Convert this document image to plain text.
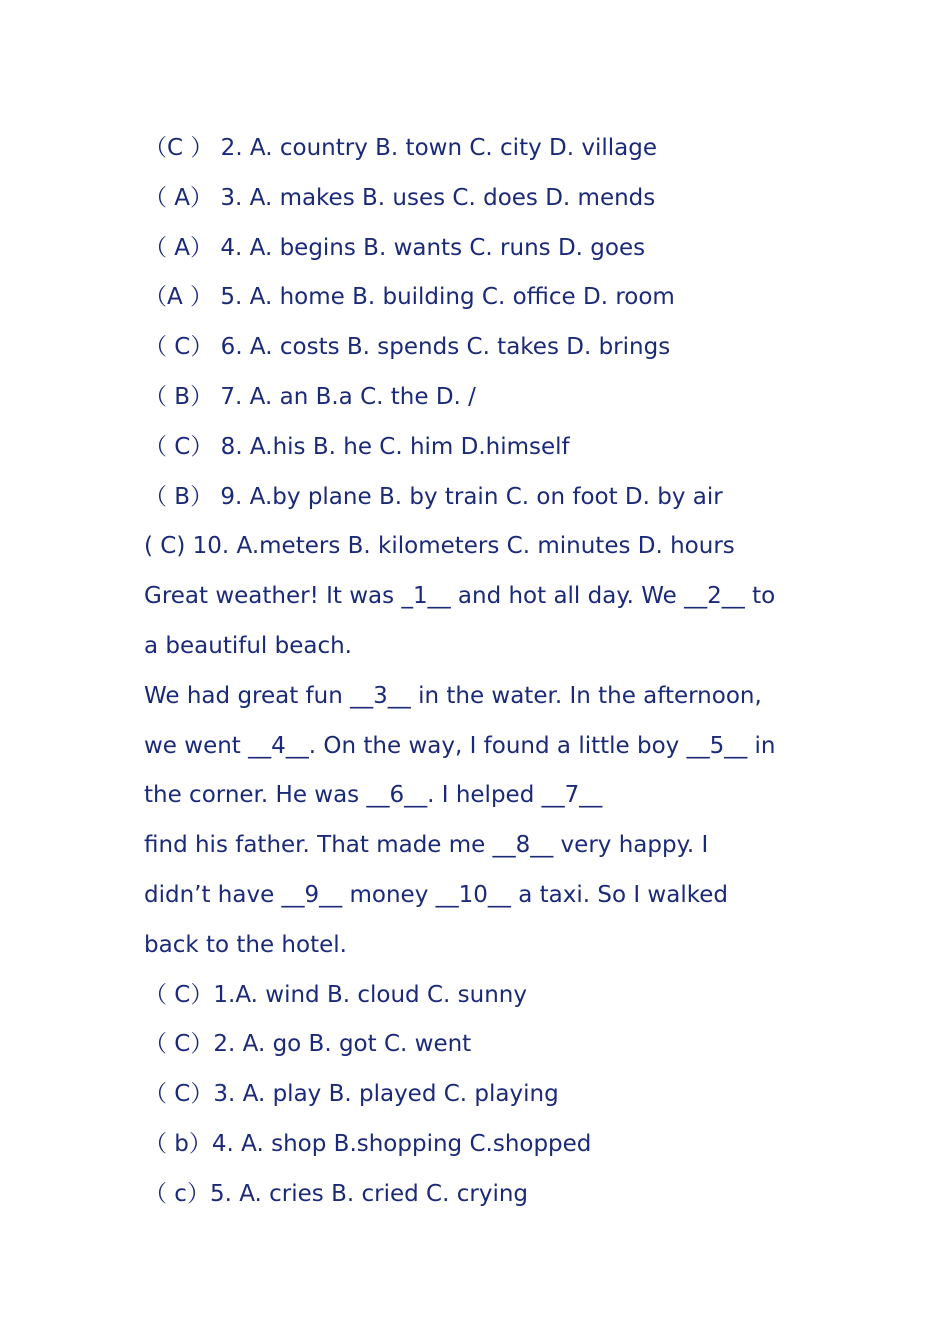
（C ） 2. A. country B. town C. city D. village

（ A） 3. A. makes B. uses C. does D. mends

（ A） 4. A. begins B. wants C. runs D. goes

（A ） 5. A. home B. building C. office D. room

（ C） 6. A. costs B. spends C. takes D. brings

（ B） 7. A. an B.a C. the D. /

（ C） 8. A.his B. he C. him D.himself

（ B） 9. A.by plane B. by train C. on foot D. by air

( C) 10. A.meters B. kilometers C. minutes D. hours

Great weather! It was _1__ and hot all day. We __2__ to

a beautiful beach.

We had great fun __3__ in the water. In the afternoon,

we went __4__. On the way, I found a little boy __5__ in

the corner. He was __6__. I helped __7__

find his father. That made me __8__ very happy. I

didn’t have __9__ money __10__ a taxi. So I walked

back to the hotel.

（ C）1.A. wind B. cloud C. sunny

（ C）2. A. go B. got C. went

（ C）3. A. play B. played C. playing

（ b）4. A. shop B.shopping C.shopped

（ c）5. A. cries B. cried C. crying
